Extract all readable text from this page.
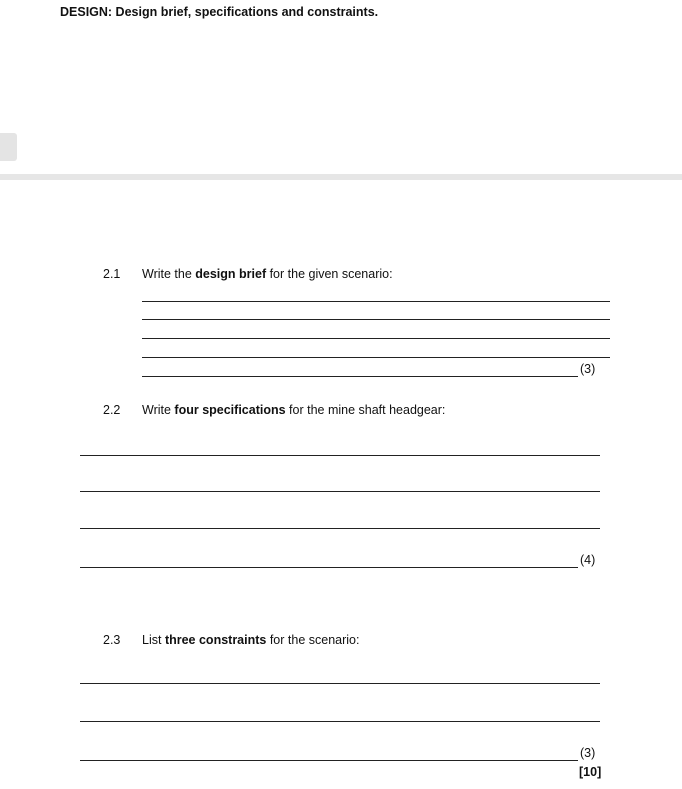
DESIGN: Design brief, specifications and constraints.
2.1 Write the design brief for the given scenario:
(3)
2.2 Write four specifications for the mine shaft headgear:
(4)
2.3 List three constraints for the scenario:
(3)
[10]
